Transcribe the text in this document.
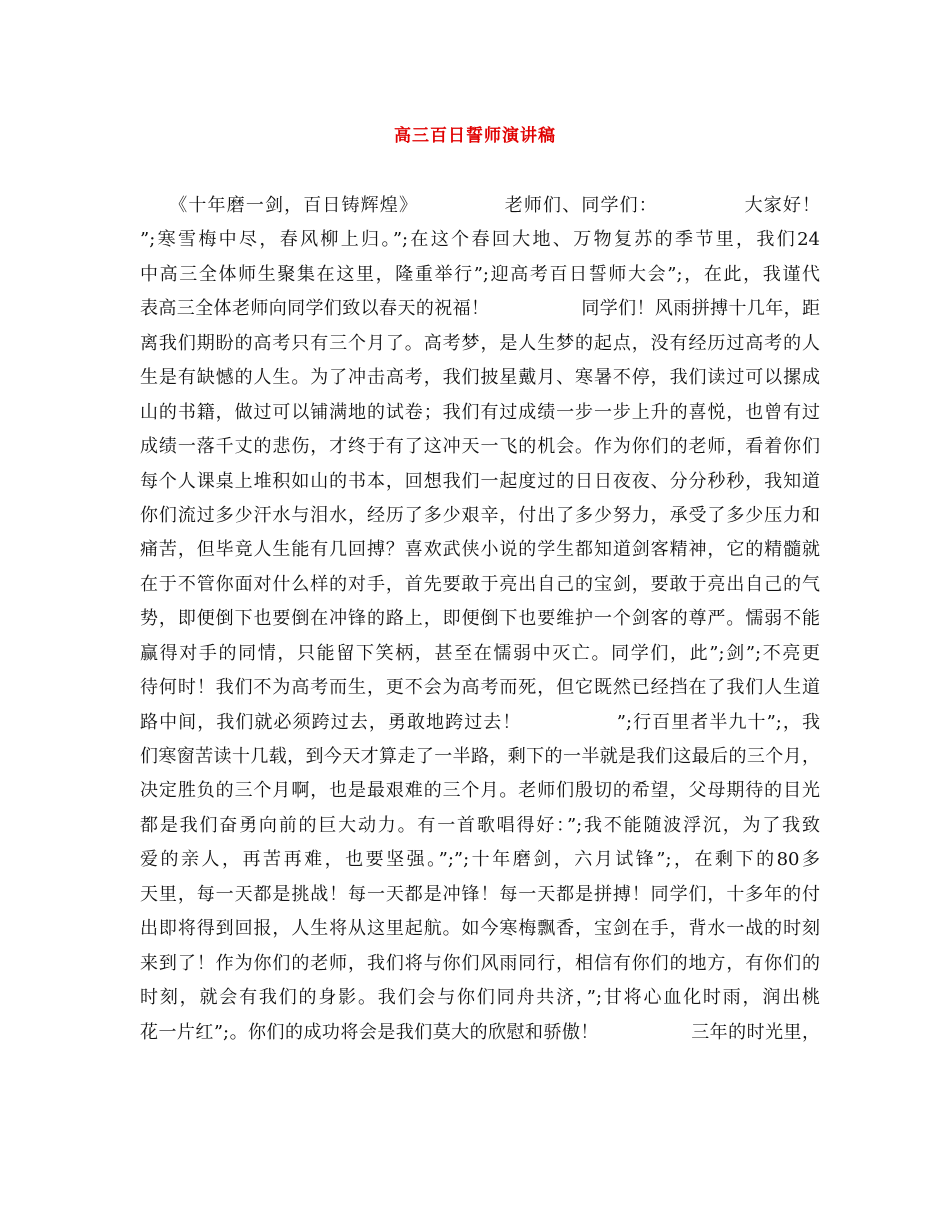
高三百日誓师演讲稿
　　《十年磨一剑，百日铸辉煌》　　　　　老师们、同学们：　　　　　大家好！
”;寒雪梅中尽，春风柳上归。”;在这个春回大地、万物复苏的季节里，我们24
中高三全体师生聚集在这里，隆重举行”;迎高考百日誓师大会”;，在此，我谨代
表高三全体老师向同学们致以春天的祝福！　　　　　同学们！风雨拼搏十几年，距
离我们期盼的高考只有三个月了。高考梦，是人生梦的起点，没有经历过高考的人
生是有缺憾的人生。为了冲击高考，我们披星戴月、寒暑不停，我们读过可以摞成
山的书籍，做过可以铺满地的试卷；我们有过成绩一步一步上升的喜悦，也曾有过
成绩一落千丈的悲伤，才终于有了这冲天一飞的机会。作为你们的老师，看着你们
每个人课桌上堆积如山的书本，回想我们一起度过的日日夜夜、分分秒秒，我知道
你们流过多少汗水与泪水，经历了多少艰辛，付出了多少努力，承受了多少压力和
痛苦，但毕竟人生能有几回搏？喜欢武侠小说的学生都知道剑客精神，它的精髓就
在于不管你面对什么样的对手，首先要敢于亮出自己的宝剑，要敢于亮出自己的气
势，即便倒下也要倒在冲锋的路上，即便倒下也要维护一个剑客的尊严。懦弱不能
赢得对手的同情，只能留下笑柄，甚至在懦弱中灭亡。同学们，此”;剑”;不亮更
待何时！我们不为高考而生，更不会为高考而死，但它既然已经挡在了我们人生道
路中间，我们就必须跨过去，勇敢地跨过去！　　　　　”;行百里者半九十”;，我
们寒窗苦读十几载，到今天才算走了一半路，剩下的一半就是我们这最后的三个月，
决定胜负的三个月啊，也是最艰难的三个月。老师们殷切的希望，父母期待的目光
都是我们奋勇向前的巨大动力。有一首歌唱得好：”;我不能随波浮沉，为了我致
爱的亲人，再苦再难，也要坚强。”;”;十年磨剑，六月试锋”;，在剩下的80多
天里，每一天都是挑战！每一天都是冲锋！每一天都是拼搏！同学们，十多年的付
出即将得到回报，人生将从这里起航。如今寒梅飘香，宝剑在手，背水一战的时刻
来到了！作为你们的老师，我们将与你们风雨同行，相信有你们的地方，有你们的
时刻，就会有我们的身影。我们会与你们同舟共济，”;甘将心血化时雨，润出桃
花一片红”;。你们的成功将会是我们莫大的欣慰和骄傲！　　　　　三年的时光里，
